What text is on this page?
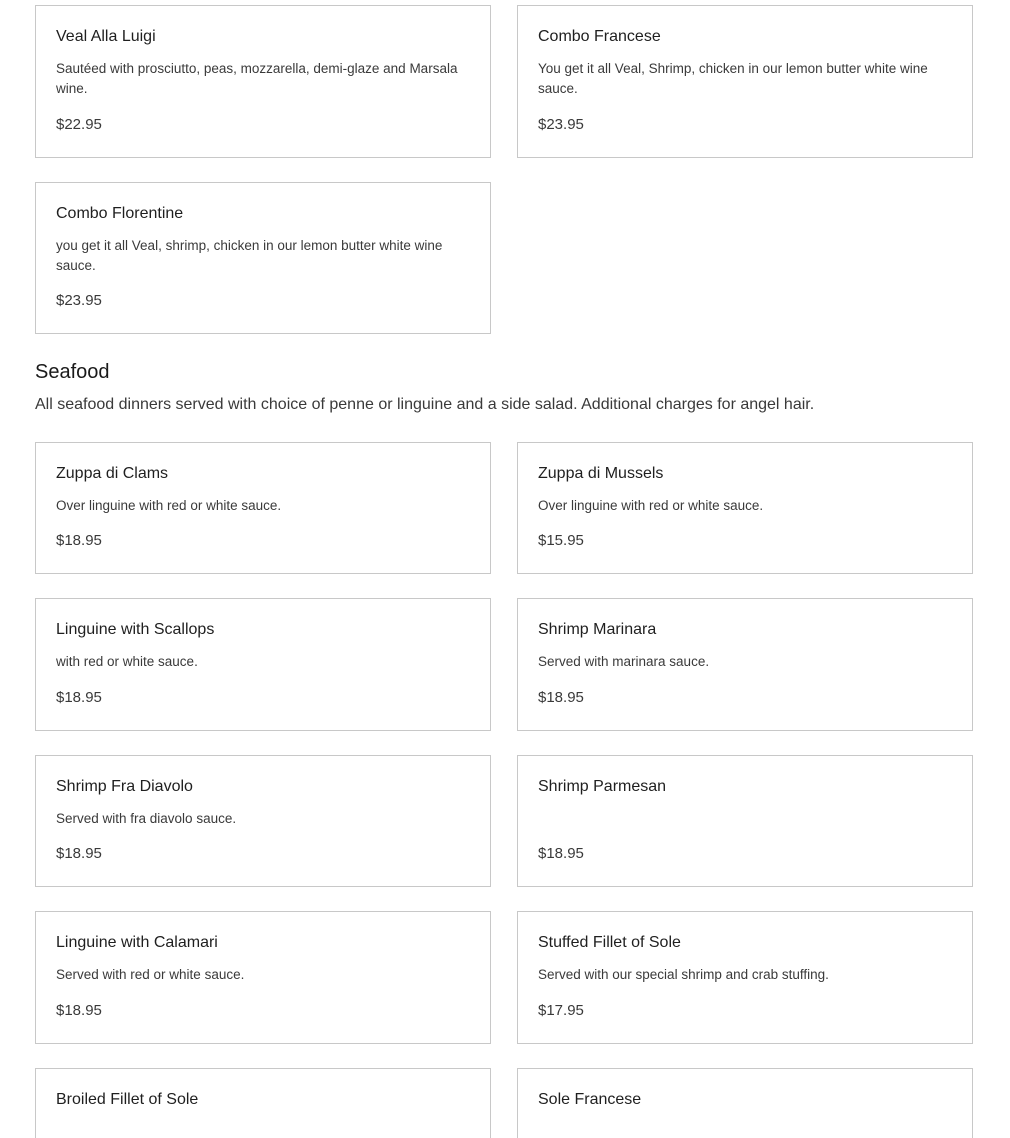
Veal Alla Luigi
Sautéed with prosciutto, peas, mozzarella, demi-glaze and Marsala wine.
$22.95
Combo Francese
You get it all Veal, Shrimp, chicken in our lemon butter white wine sauce.
$23.95
Combo Florentine
you get it all Veal, shrimp, chicken in our lemon butter white wine sauce.
$23.95
Seafood
All seafood dinners served with choice of penne or linguine and a side salad. Additional charges for angel hair.
Zuppa di Clams
Over linguine with red or white sauce.
$18.95
Zuppa di Mussels
Over linguine with red or white sauce.
$15.95
Linguine with Scallops
with red or white sauce.
$18.95
Shrimp Marinara
Served with marinara sauce.
$18.95
Shrimp Fra Diavolo
Served with fra diavolo sauce.
$18.95
Shrimp Parmesan
$18.95
Linguine with Calamari
Served with red or white sauce.
$18.95
Stuffed Fillet of Sole
Served with our special shrimp and crab stuffing.
$17.95
Broiled Fillet of Sole	Sole Francese
